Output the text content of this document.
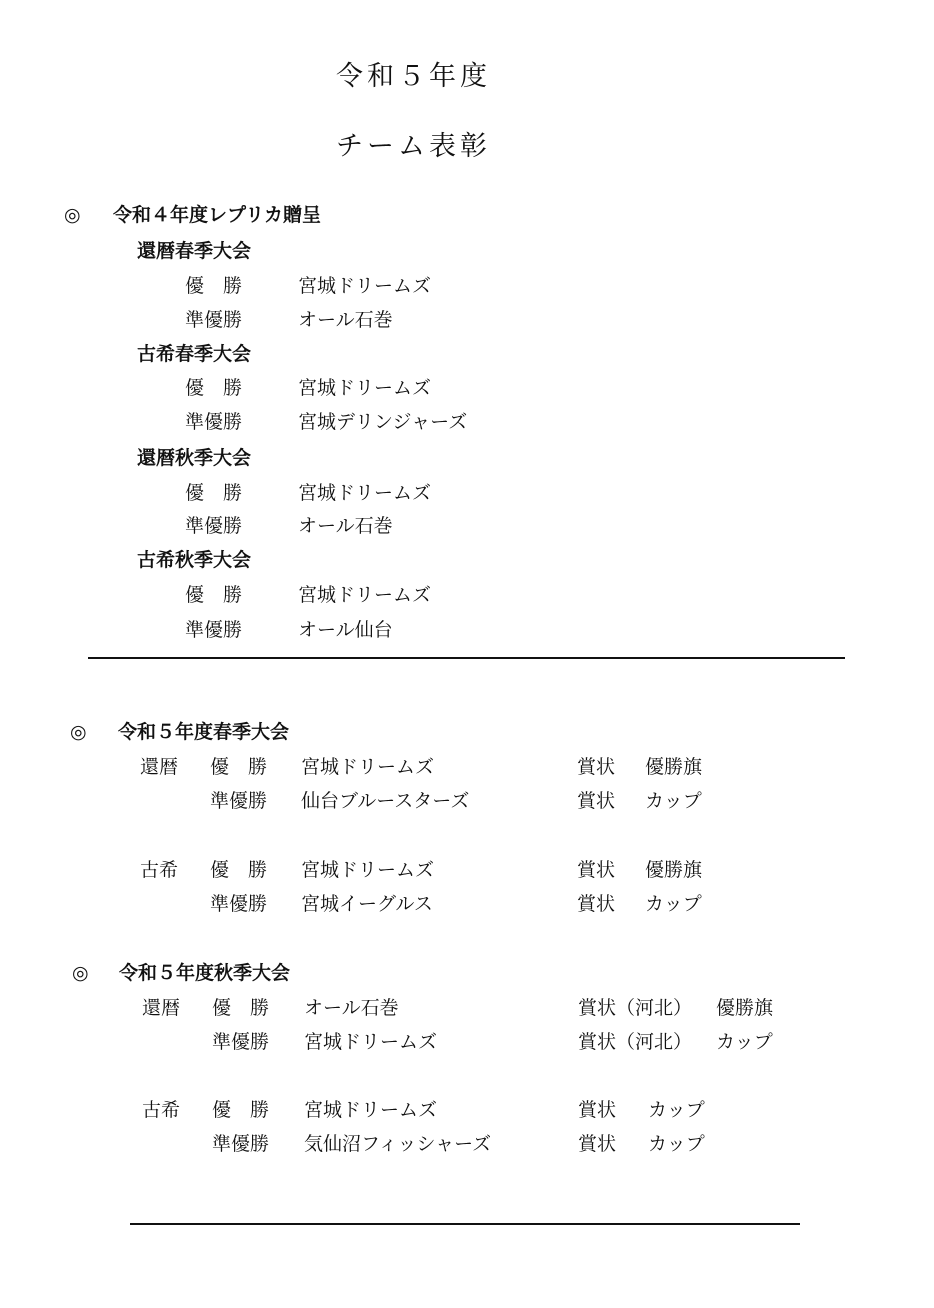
令和５年度
チーム表彰
◎ 令和４年度レプリカ贈呈
還暦春季大会
優　勝	宮城ドリームズ
準優勝	オール石巻
古希春季大会
優　勝	宮城ドリームズ
準優勝	宮城デリンジャーズ
還暦秋季大会
優　勝	宮城ドリームズ
準優勝	オール石巻
古希秋季大会
優　勝	宮城ドリームズ
準優勝	オール仙台
◎ 令和５年度春季大会
還暦 優　勝 宮城ドリームズ	賞状 優勝旗
準優勝 仙台ブルースターズ	賞状 カップ
古希 優　勝 宮城ドリームズ	賞状 優勝旗
準優勝 宮城イーグルス	賞状 カップ
◎ 令和５年度秋季大会
還暦 優　勝 オール石巻	賞状（河北） 優勝旗
準優勝 宮城ドリームズ	賞状（河北） カップ
古希 優　勝 宮城ドリームズ	賞状 カップ
準優勝 気仙沼フィッシャーズ	賞状 カップ
